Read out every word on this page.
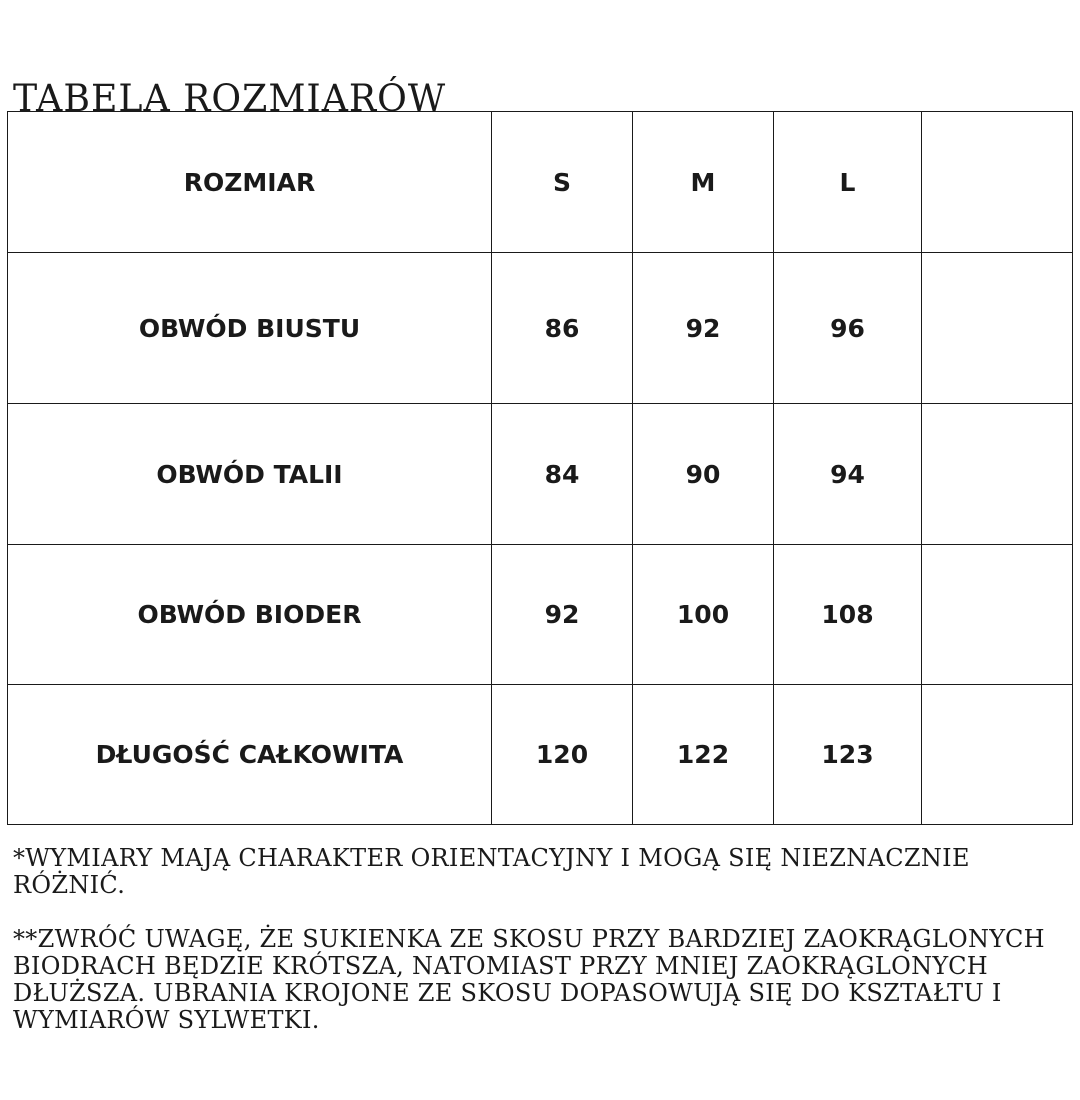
TABELA ROZMIARÓW
ROZMIAR	S	M	L	
OBWÓD BIUSTU	86	92	96	
OBWÓD TALII	84	90	94	
OBWÓD BIODER	92	100	108	
DŁUGOŚĆ CAŁKOWITA	120	122	123	

*WYMIARY MAJĄ CHARAKTER ORIENTACYJNY I MOGĄ SIĘ NIEZNACZNIE RÓŻNIĆ.

**ZWRÓĆ UWAGĘ, ŻE SUKIENKA ZE SKOSU PRZY BARDZIEJ ZAOKRĄGLONYCH BIODRACH BĘDZIE KRÓTSZA, NATOMIAST PRZY MNIEJ ZAOKRĄGLONYCH DŁUŻSZA. UBRANIA KROJONE ZE SKOSU DOPASOWUJĄ SIĘ DO KSZTAŁTU I WYMIARÓW SYLWETKI.
